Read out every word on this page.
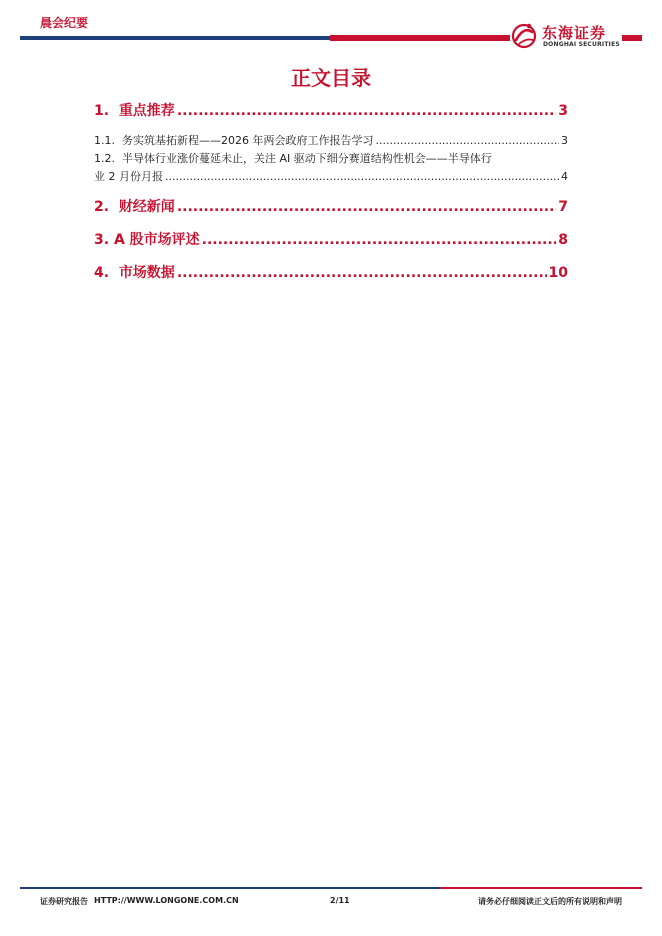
晨会纪要
东海证券
DONGHAI SECURITIES
正文目录
1. 重点推荐 .....	3
1.1. 务实筑基拓新程——2026 年两会政府工作报告学习 .....	3
1.2. 半导体行业涨价蔓延未止，关注 AI 驱动下细分赛道结构性机会——半导体行
业 2 月份月报 .....	4
2. 财经新闻 .....	7
3. A 股市场评述 .....	8
4. 市场数据 .....	10
证券研究报告 HTTP://WWW.LONGONE.COM.CN	2/11	请务必仔细阅读正文后的所有说明和声明
